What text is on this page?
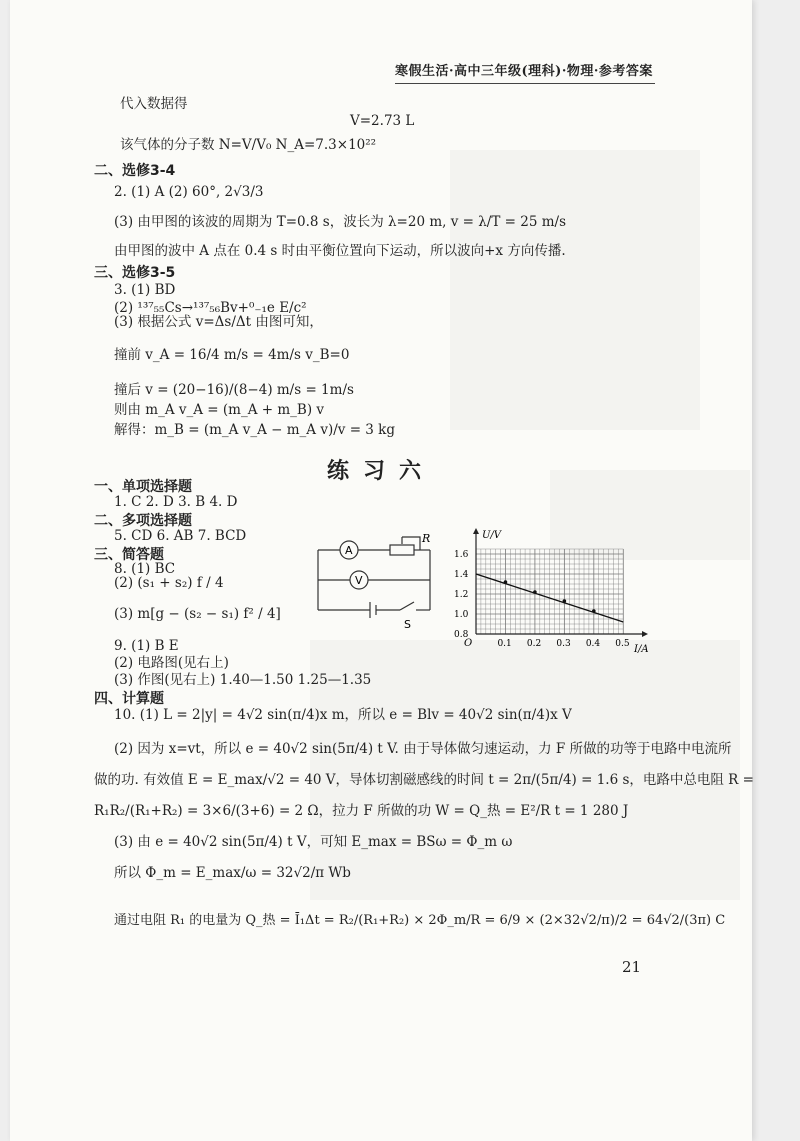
寒假生活·高中三年级(理科)·物理·参考答案
代入数据得
V=2.73 L
该气体的分子数 N=V/V₀ N_A=7.3×10²²
二、选修3-4
2. (1) A (2) 60°, 2√3/3
(3) 由甲图的该波的周期为 T=0.8 s，波长为 λ=20 m, v = λ/T = 25 m/s
由甲图的波中 A 点在 0.4 s 时由平衡位置向下运动，所以波向+x 方向传播.
三、选修3-5
3. (1) BD
(2) ¹³⁷₅₅Cs→¹³⁷₅₆Bv+⁰₋₁e E/c²
(3) 根据公式 v=Δs/Δt 由图可知，
撞前 v_A = 16/4 m/s = 4m/s v_B=0
撞后 v = (20−16)/(8−4) m/s = 1m/s
则由 m_A v_A = (m_A + m_B) v
解得：m_B = (m_A v_A − m_A v)/v = 3 kg
练习六
一、单项选择题
1. C 2. D 3. B 4. D
二、多项选择题
5. CD 6. AB 7. BCD
三、简答题
8. (1) BC
(2) (s₁ + s₂) f / 4
(3) m[g − (s₂ − s₁) f² / 4]
9. (1) B E
(2) 电路图(见右上)
(3) 作图(见右上) 1.40—1.50 1.25—1.35
四、计算题
10. (1) L = 2|y| = 4√2 sin(π/4)x m，所以 e = Blv = 40√2 sin(π/4)x V
(2) 因为 x=vt，所以 e = 40√2 sin(5π/4) t V. 由于导体做匀速运动，力 F 所做的功等于电路中电流所
做的功. 有效值 E = E_max/√2 = 40 V，导体切割磁感线的时间 t = 2π/(5π/4) = 1.6 s，电路中总电阻 R =
R₁R₂/(R₁+R₂) = 3×6/(3+6) = 2 Ω，拉力 F 所做的功 W = Q_热 = E²/R t = 1 280 J
(3) 由 e = 40√2 sin(5π/4) t V，可知 E_max = BSω = Φ_m ω
所以 Φ_m = E_max/ω = 32√2/π Wb
通过电阻 R₁ 的电量为 Q_热 = Ī₁Δt = R₂/(R₁+R₂) × 2Φ_m/R = 6/9 × (2×32√2/π)/2 = 64√2/(3π) C
A
V
R
S
U/V
I/A
O
1.6
1.4
1.2
1.0
0.8
0.1 0.2 0.3 0.4 0.5
21
